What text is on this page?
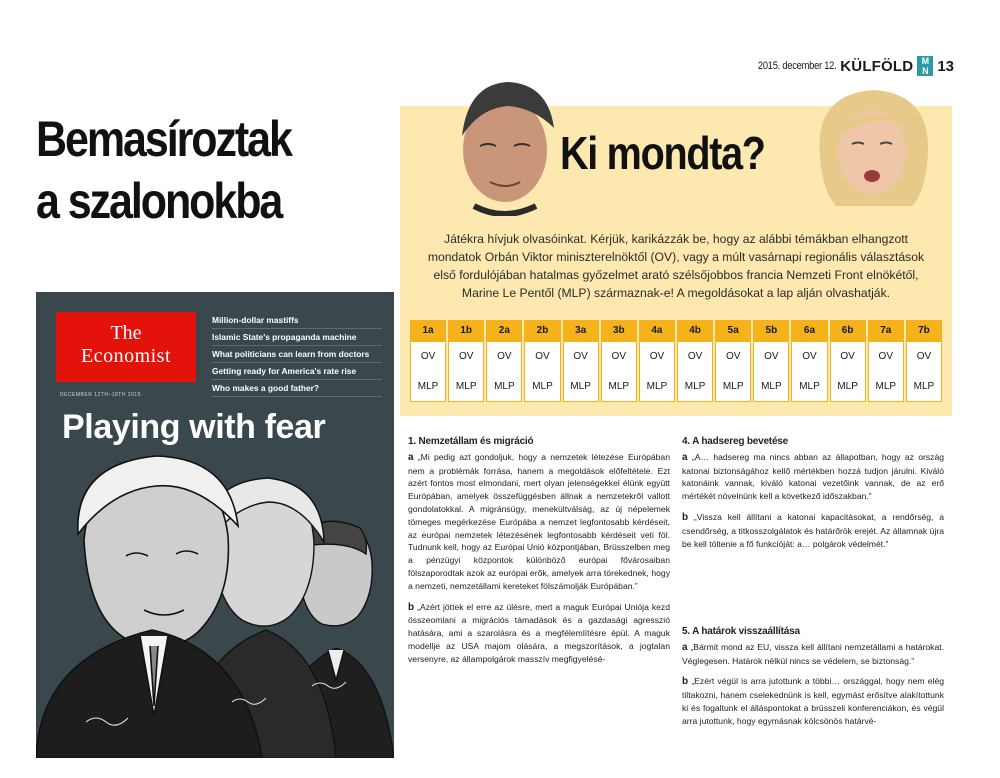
2015. december 12. KÜLFÖLD M
N 13
Bemasíroztak a szalonokba
The
Economist
Million-dollar mastiffs
Islamic State's propaganda machine
What politicians can learn from doctors
Getting ready for America's rate rise
Who makes a good father?
DECEMBER 12TH–18TH 2015
Playing with fear
Ki mondta?

Játékra hívjuk olvasóinkat. Kérjük, karikázzák be, hogy az alábbi témákban elhangzott mondatok Orbán Viktor miniszterelnöktől (OV), vagy a múlt vasárnapi regionális választások első fordulójában hatalmas győzelmet arató szélsőjobbos francia Nemzeti Front elnökétől, Marine Le Pentől (MLP) származnak-e! A megoldásokat a lap alján olvashatják.

1a
OV
MLP
1b
OV
MLP
2a
OV
MLP
2b
OV
MLP
3a
OV
MLP
3b
OV
MLP
4a
OV
MLP
4b
OV
MLP
5a
OV
MLP
5b
OV
MLP
6a
OV
MLP
6b
OV
MLP
7a
OV
MLP
7b
OV
MLP
1. Nemzetállam és migráció

a „Mi pedig azt gondoljuk, hogy a nemzetek létezése Európában nem a problémák forrása, hanem a megoldások előfeltétele. Ezt azért fontos most elmondani, mert olyan jelenségekkel élünk együtt Európában, amelyek összefüggésben állnak a nemzetekről vallott gondolatokkal. A migránsügy, menekültválság, az új népelemek tömeges megérkezése Európába a nemzet legfontosabb kérdéseit, az európai nemzetek létezésének legfontosabb kérdéseit veti föl. Tudnunk kell, hogy az Európai Unió központjában, Brüsszelben meg a pénzügyi központok különböző európai fővárosaiban fölszaporodtak azok az európai erők, amelyek arra törekednek, hogy a nemzeti, nemzetállami kereteket fölszámolják Európában.”

b „Azért jöttek el erre az ülésre, mert a maguk Európai Uniója kezd összeomlani a migrációs támadások és a gazdasági agresszió hatására, ami a szarolásra és a megfélemlítésre épül. A maguk modellje az USA majom olására, a megszorítások, a jogtalan versenyre, az állampolgárok masszív megfigyelésé-

4. A hadsereg bevetése

a „A… hadsereg ma nincs abban az állapotban, hogy az ország katonai biztonságához kellő mértékben hozzá tudjon járulni. Kiváló katonáink vannak, kiváló katonai vezetőink vannak, de az erő mértékét növelnünk kell a következő időszakban.”

b „Vissza kell állítani a katonai kapacitásokat, a rendőrség, a csendőrség, a titkosszolgálatok és határőrök erejét. Az államnak újra be kell töltenie a fő funkcióját: a… polgárok védelmét.”

5. A határok visszaállítása

a „Bármit mond az EU, vissza kell állítani nemzetállami a határokat. Véglegesen. Határok nélkül nincs se védelem, se biztonság.”

b „Ezért végül is arra jutottunk a többi… országgal, hogy nem elég tiltakozni, hanem cselekednünk is kell, egymást erősítve alakítottunk ki és fogaltunk el álláspontokat a brüsszeli konferenciákon, és végül arra jutottunk, hogy egymásnak kölcsönös határvé-
